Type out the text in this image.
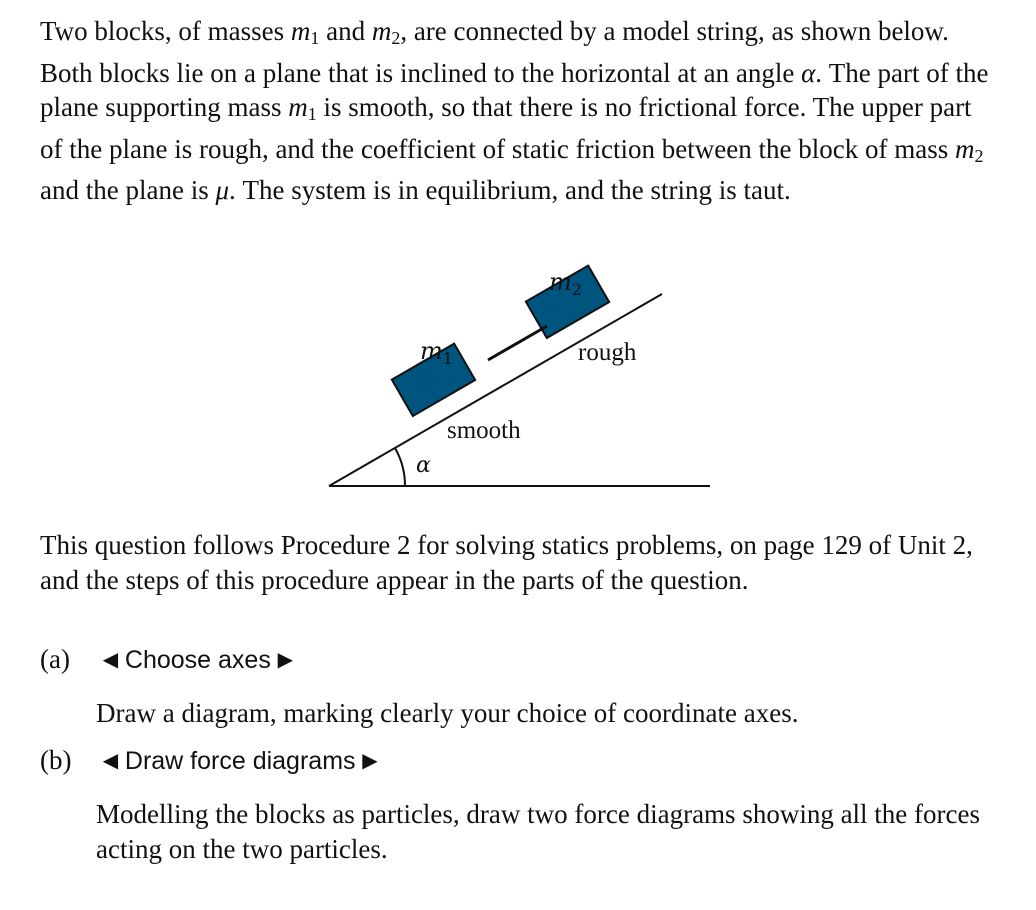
Two blocks, of masses $m_1$ and $m_2$, are connected by a model string, as shown below. Both blocks lie on a plane that is inclined to the horizontal at an angle α. The part of the plane supporting mass $m_1$ is smooth, so that there is no frictional force. The upper part of the plane is rough, and the coefficient of static friction between the block of mass $m_2$ and the plane is μ. The system is in equilibrium, and the string is taut.

$m_1$
$m_2$
rough
smooth
α

This question follows Procedure 2 for solving statics problems, on page 129 of Unit 2, and the steps of this procedure appear in the parts of the question.

(a) ◀ Choose axes ▶
Draw a diagram, marking clearly your choice of coordinate axes.
(b) ◀ Draw force diagrams ▶
Modelling the blocks as particles, draw two force diagrams showing all the forces acting on the two particles.
